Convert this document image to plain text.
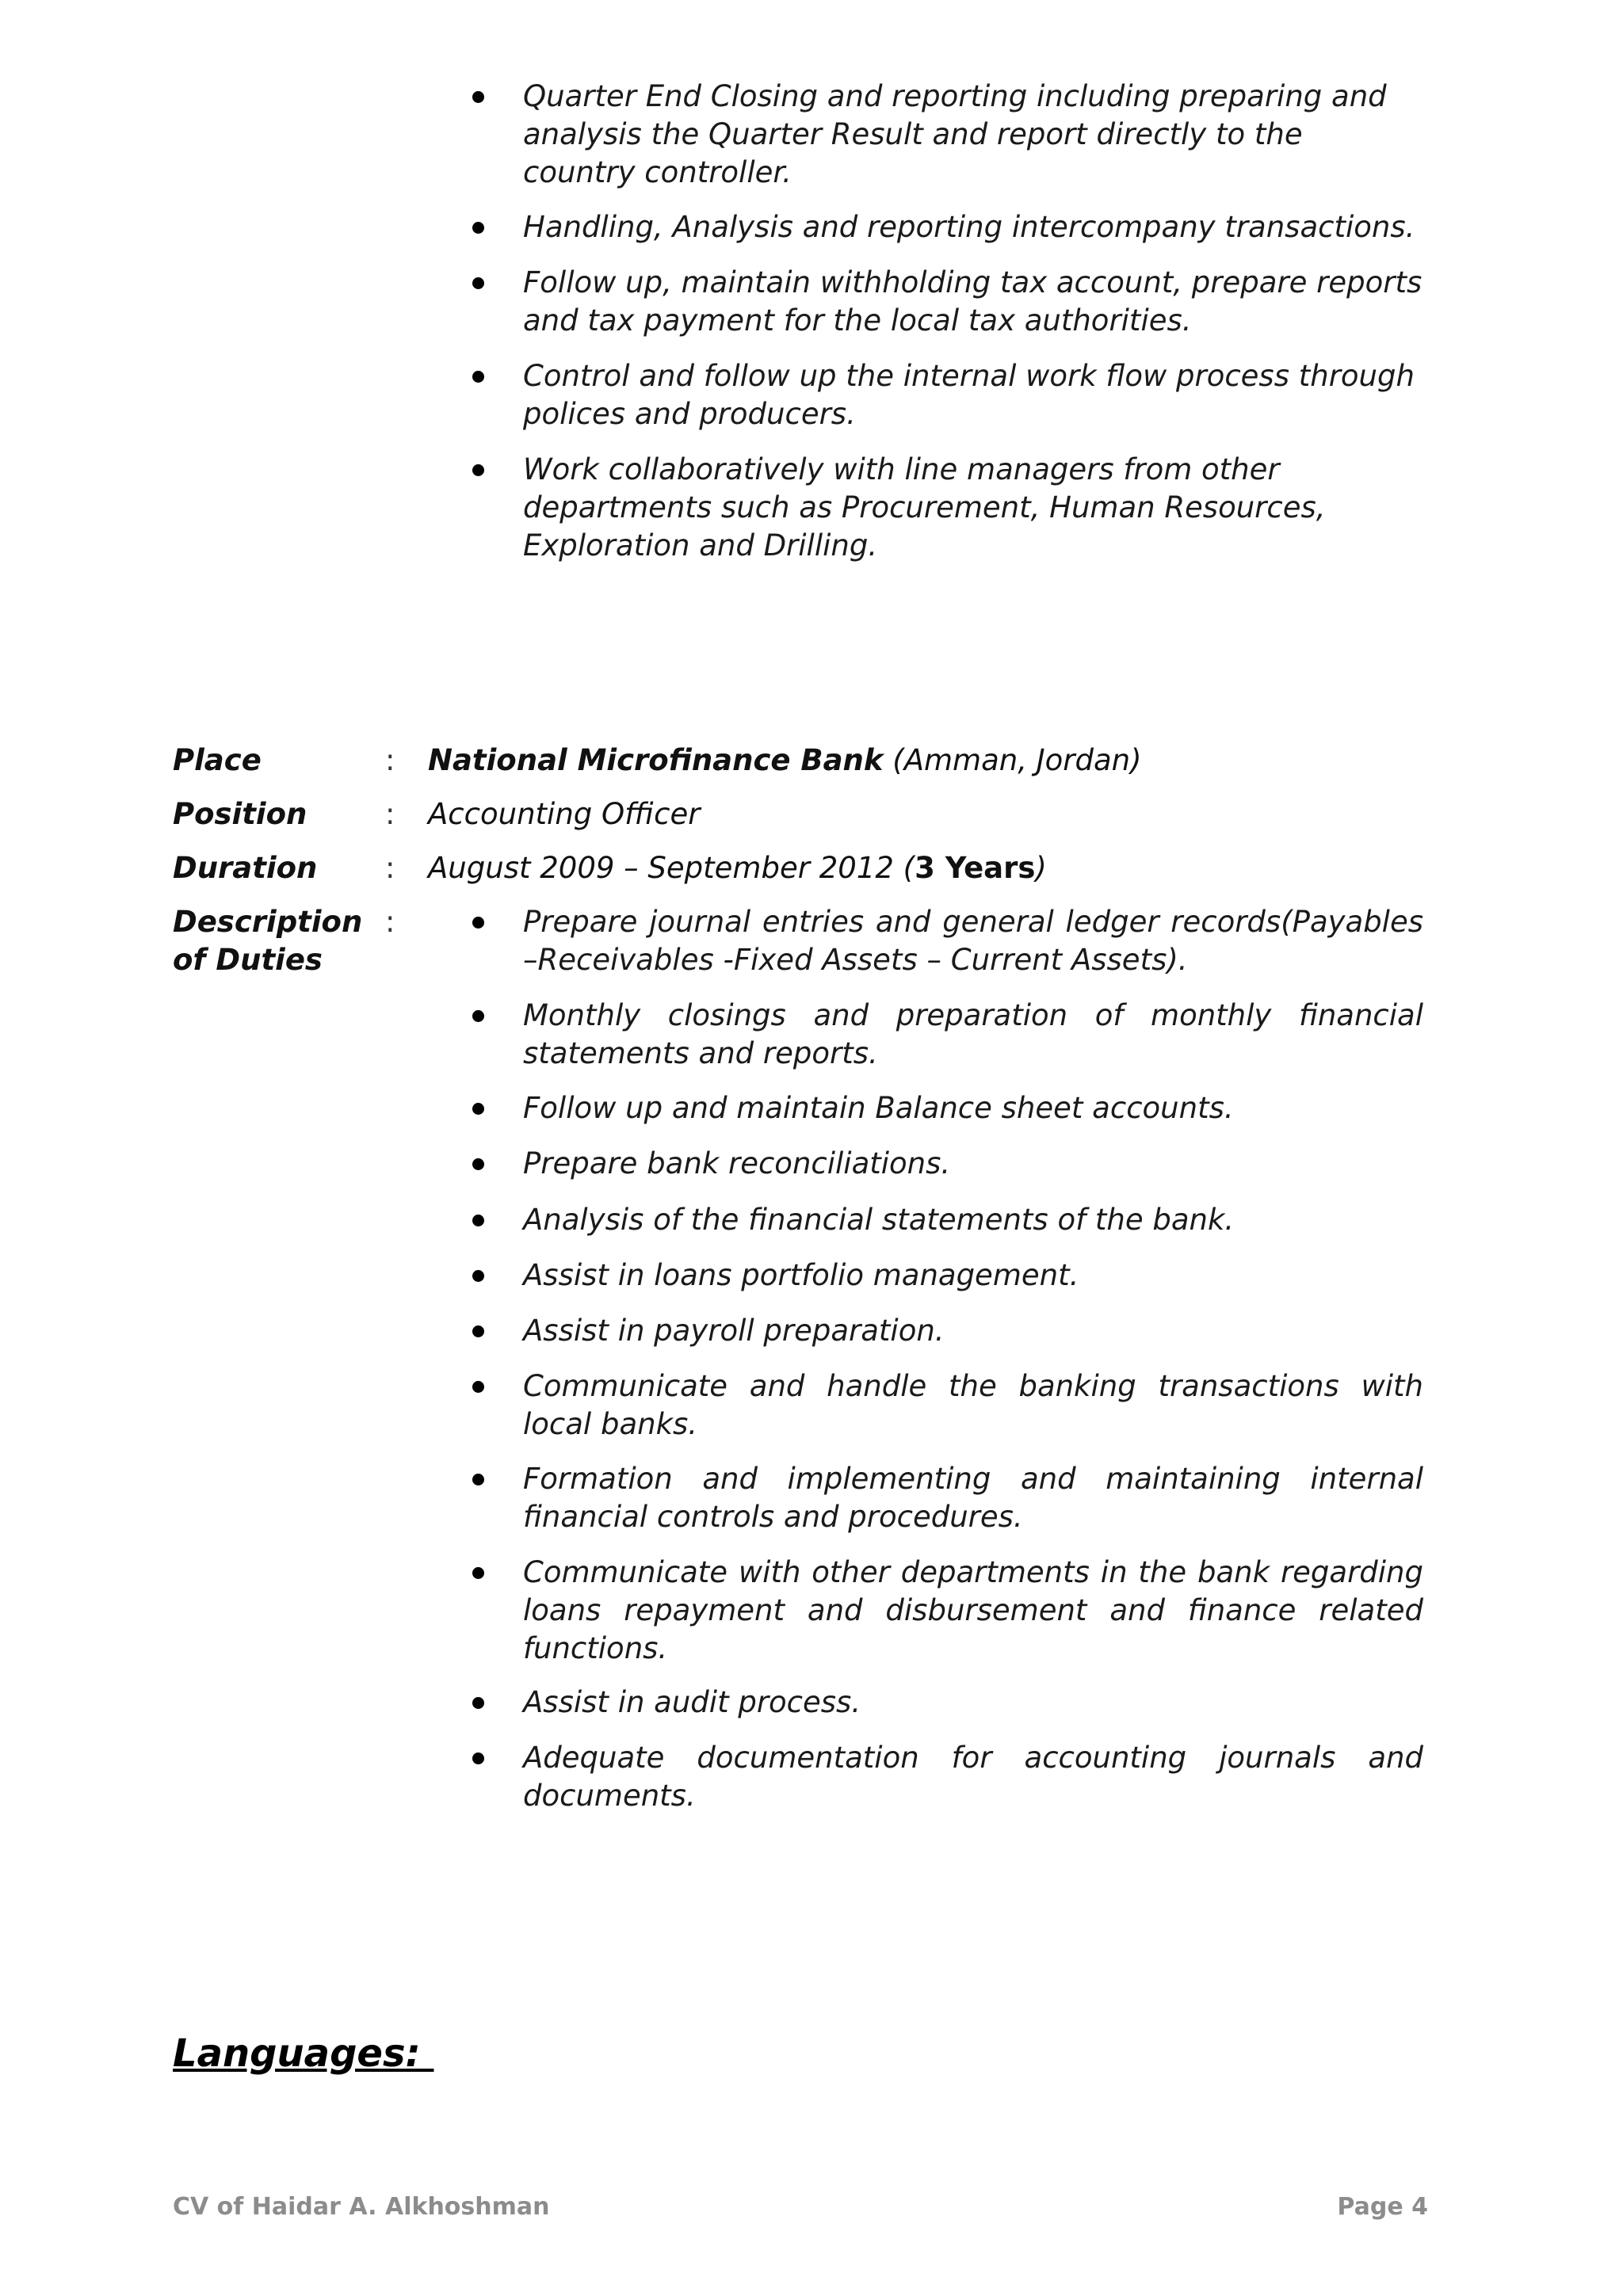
Quarter End Closing and reporting including preparing and analysis the Quarter Result and report directly to the country controller.
Handling, Analysis and reporting intercompany transactions.
Follow up, maintain withholding tax account, prepare reports and tax payment for the local tax authorities.
Control and follow up the internal work flow process through polices and producers.
Work collaboratively with line managers from other departments such as Procurement, Human Resources, Exploration and Drilling.
Place	: National Microfinance Bank (Amman, Jordan)
Position	: Accounting Officer
Duration : August 2009 – September 2012 (3 Years)
Description
of Duties
:	Prepare journal entries and general ledger records(Payables –Receivables -Fixed Assets – Current Assets).
Monthly closings and preparation of monthly financial statements and reports.
Follow up and maintain Balance sheet accounts.
Prepare bank reconciliations.
Analysis of the financial statements of the bank.
Assist in loans portfolio management.
Assist in payroll preparation.
Communicate and handle the banking transactions with local banks.
Formation and implementing and maintaining internal financial controls and procedures.
Communicate with other departments in the bank regarding loans repayment and disbursement and finance related functions.
Assist in audit process.
Adequate documentation for accounting journals and documents.
Languages:
CV of Haidar A. Alkhoshman	Page 4
